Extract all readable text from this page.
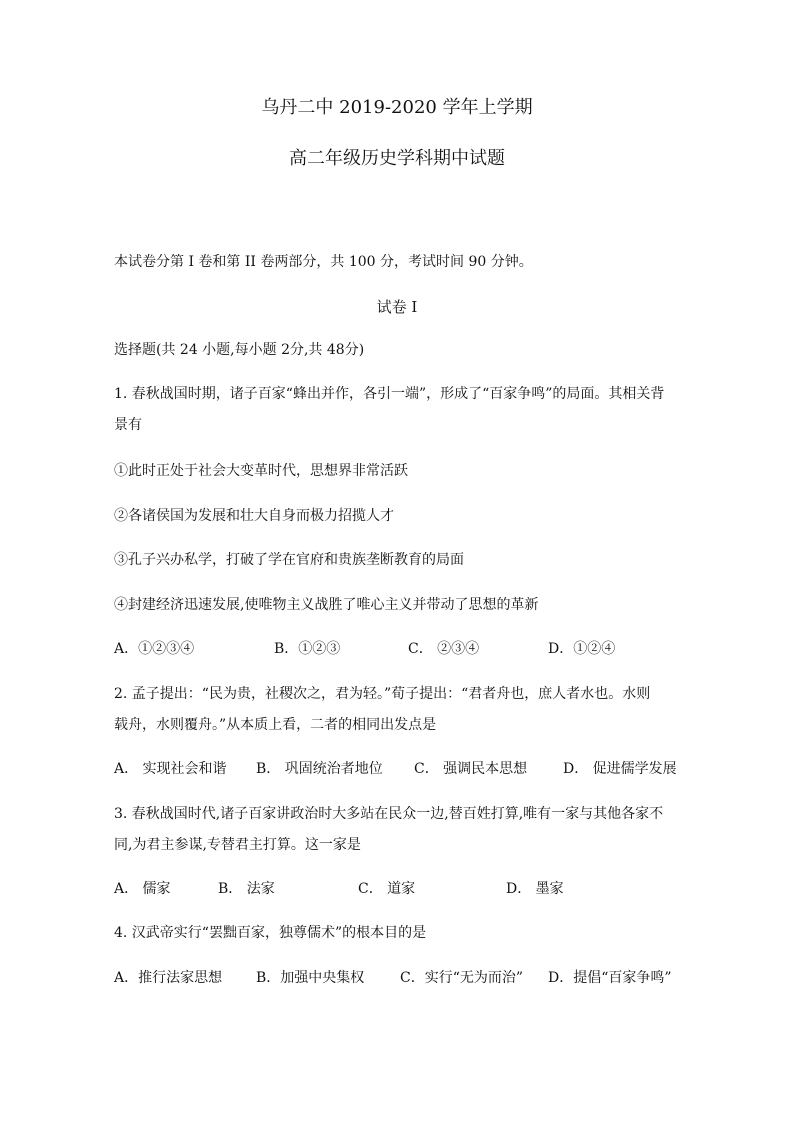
乌丹二中 2019-2020 学年上学期
高二年级历史学科期中试题
本试卷分第 I 卷和第 II 卷两部分，共 100 分，考试时间 90 分钟。
试卷 I
选择题(共 24 小题,每小题 2分,共 48分)
1. 春秋战国时期，诸子百家“蜂出并作，各引一端”，形成了“百家争鸣”的局面。其相关背
景有
①此时正处于社会大变革时代，思想界非常活跃
②各诸侯国为发展和壮大自身而极力招揽人才
③孔子兴办私学，打破了学在官府和贵族垄断教育的局面
④封建经济迅速发展,使唯物主义战胜了唯心主义并带动了思想的革新
A．①②③④	B．①②③	C． ②③④	D．①②④
2. 孟子提出：“民为贵，社稷次之，君为轻。”荀子提出：“君者舟也，庶人者水也。水则
载舟，水则覆舟。”从本质上看，二者的相同出发点是
A． 实现社会和谐 B． 巩固统治者地位 C． 强调民本思想	D． 促进儒学发展
3. 春秋战国时代,诸子百家讲政治时大多站在民众一边,替百姓打算,唯有一家与其他各家不
同,为君主参谋,专替君主打算。这一家是
A． 儒家	B． 法家	C． 道家	D． 墨家
4. 汉武帝实行“罢黜百家，独尊儒术”的根本目的是
A．推行法家思想 B．加强中央集权	C．实行“无为而治” D．提倡“百家争鸣”
